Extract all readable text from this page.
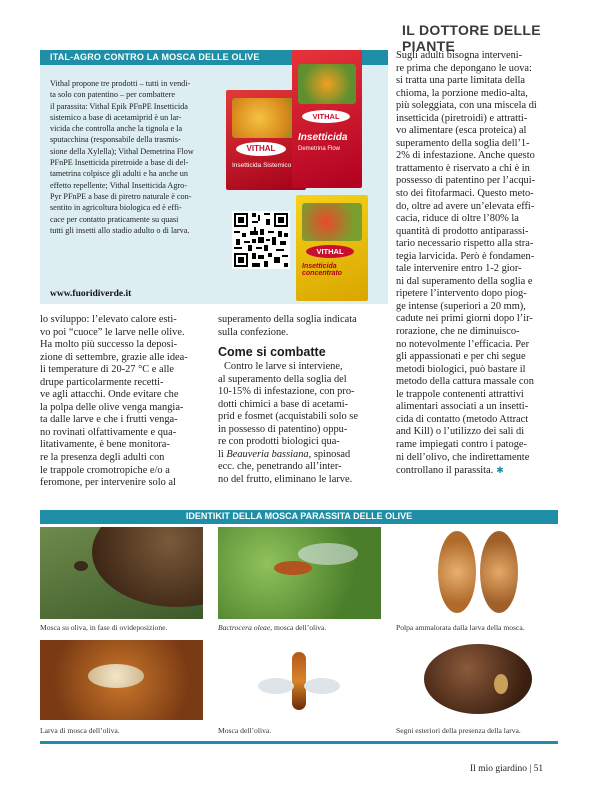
IL DOTTORE DELLE PIANTE
ITAL-AGRO CONTRO LA MOSCA DELLE OLIVE
Vithal propone tre prodotti – tutti in vendi-
ta solo con patentino – per combattere
il parassita: Vithal Epik PFnPE Insetticida
sistemico a base di acetamiprid è un lar-
vicida che controlla anche la tignola e la
sputacchina (responsabile della trasmis-
sione della Xylella); Vithal Demetrina Flow
PFnPE Insetticida piretroide a base di del-
tametrina colpisce gli adulti e ha anche un
effetto repellente; Vithal Insetticida Agro-
Pyr PFnPE a base di piretro naturale è con-
sentito in agricoltura biologica ed è effi-
cace per contatto praticamente su quasi
tutti gli insetti allo stadio adulto o di larva.
www.fuoridiverde.it
VITHAL
Insetticida Sistemico
VITHAL
Insetticida
Demetrina Flow
VITHAL
Insetticida concentrato

lo sviluppo: l’elevato calore esti-

vo poi “cuoce” le larve nelle olive.

Ha molto più successo la deposi-

zione di settembre, grazie alle idea-

li temperature di 20-27 °C e alle

drupe particolarmente recetti-

ve agli attacchi. Onde evitare che

la polpa delle olive venga mangia-

ta dalle larve e che i frutti venga-

no rovinati olfattivamente e qua-

litativamente, è bene monitora-

re la presenza degli adulti con

le trappole cromotropiche e/o a

feromone, per intervenire solo al

superamento della soglia indicata

sulla confezione.

Come si combatte

Contro le larve si interviene,

al superamento della soglia del

10-15% di infestazione, con pro-

dotti chimici a base di acetami-

prid e fosmet (acquistabili solo se

in possesso di patentino) oppu-

re con prodotti biologici qua-

li Beauveria bassiana, spinosad

ecc. che, penetrando all’inter-

no del frutto, eliminano le larve.

Sugli adulti bisogna interveni-

re prima che depongano le uova:

si tratta una parte limitata della

chioma, la porzione medio-alta,

più soleggiata, con una miscela di

insetticida (piretroidi) e attratti-

vo alimentare (esca proteica) al

superamento della soglia dell’1-

2% di infestazione. Anche questo

trattamento è riservato a chi è in

possesso di patentino per l’acqui-

sto dei fitofarmaci. Questo meto-

do, oltre ad avere un’elevata effi-

cacia, riduce di oltre l’80% la

quantità di prodotto antiparassi-

tario necessario rispetto alla stra-

tegia larvicida. Però è fondamen-

tale intervenire entro 1-2 gior-

ni dal superamento della soglia e

ripetere l’intervento dopo piog-

ge intense (superiori a 20 mm),

cadute nei primi giorni dopo l’ir-

rorazione, che ne diminuisco-

no notevolmente l’efficacia. Per

gli appassionati e per chi segue

metodi biologici, può bastare il

metodo della cattura massale con

le trappole contenenti attrattivi

alimentari associati a un insetti-

cida di contatto (metodo Attract

and Kill) o l’utilizzo dei sali di

rame impiegati contro i patoge-

ni dell’olivo, che indirettamente

controllano il parassita. ✱

IDENTIKIT DELLA MOSCA PARASSITA DELLE OLIVE
Mosca su oliva, in fase di ovideposizione.	Bactrocera oleae, mosca dell’oliva.	Polpa ammalorata dalla larva della mosca.
Larva di mosca dell’oliva.	Mosca dell’oliva.	Segni esteriori della presenza della larva.
Il mio giardino | 51
